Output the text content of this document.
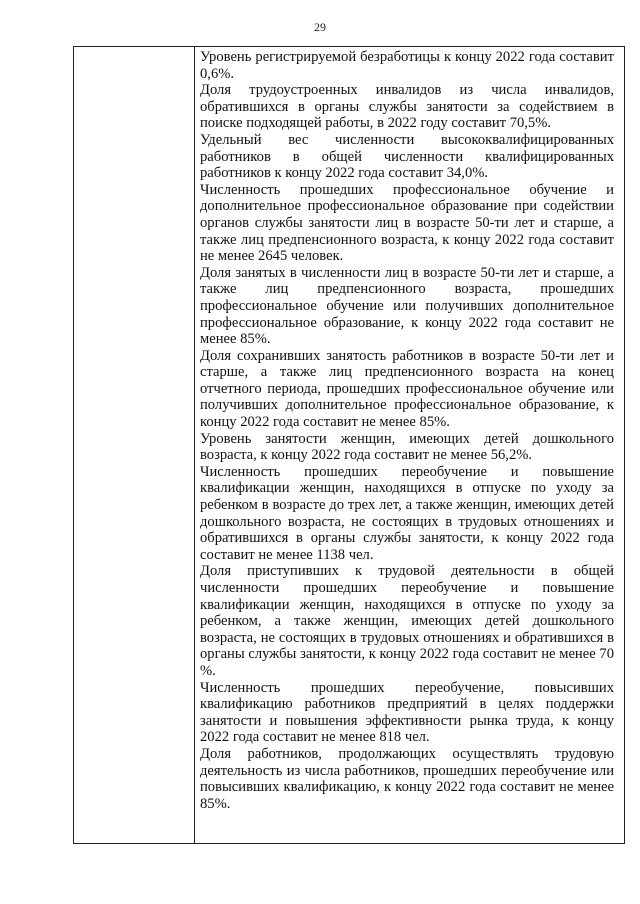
29

Уровень регистрируемой безработицы к концу 2022 года составит 0,6%.

Доля трудоустроенных инвалидов из числа инвалидов, обратившихся в органы службы занятости за содействием в поиске подходящей работы, в 2022 году составит 70,5%.

Удельный вес численности высококвалифицированных работников в общей численности квалифицированных работников к концу 2022 года составит 34,0%.

Численность прошедших профессиональное обучение и дополнительное профессиональное образование при содействии органов службы занятости лиц в возрасте 50-ти лет и старше, а также лиц предпенсионного возраста, к концу 2022 года составит не менее 2645 человек.

Доля занятых в численности лиц в возрасте 50-ти лет и старше, а также лиц предпенсионного возраста, прошедших профессиональное обучение или получивших дополнительное профессиональное образование, к концу 2022 года составит не менее 85%.

Доля сохранивших занятость работников в возрасте 50-ти лет и старше, а также лиц предпенсионного возраста на конец отчетного периода, прошедших профессиональное обучение или получивших дополнительное профессиональное образование, к концу 2022 года составит не менее 85%.

Уровень занятости женщин, имеющих детей дошкольного возраста, к концу 2022 года составит не менее 56,2%.

Численность прошедших переобучение и повышение квалификации женщин, находящихся в отпуске по уходу за ребенком в возрасте до трех лет, а также женщин, имеющих детей дошкольного возраста, не состоящих в трудовых отношениях и обратившихся в органы службы занятости, к концу 2022 года составит не менее 1138 чел.

Доля приступивших к трудовой деятельности в общей численности прошедших переобучение и повышение квалификации женщин, находящихся в отпуске по уходу за ребенком, а также женщин, имеющих детей дошкольного возраста, не состоящих в трудовых отношениях и обратившихся в органы службы занятости, к концу 2022 года составит не менее 70 %.

Численность прошедших переобучение, повысивших квалификацию работников предприятий в целях поддержки занятости и повышения эффективности рынка труда, к концу 2022 года составит не менее 818 чел.

Доля работников, продолжающих осуществлять трудовую деятельность из числа работников, прошедших переобучение или повысивших квалификацию, к концу 2022 года составит не менее 85%.
